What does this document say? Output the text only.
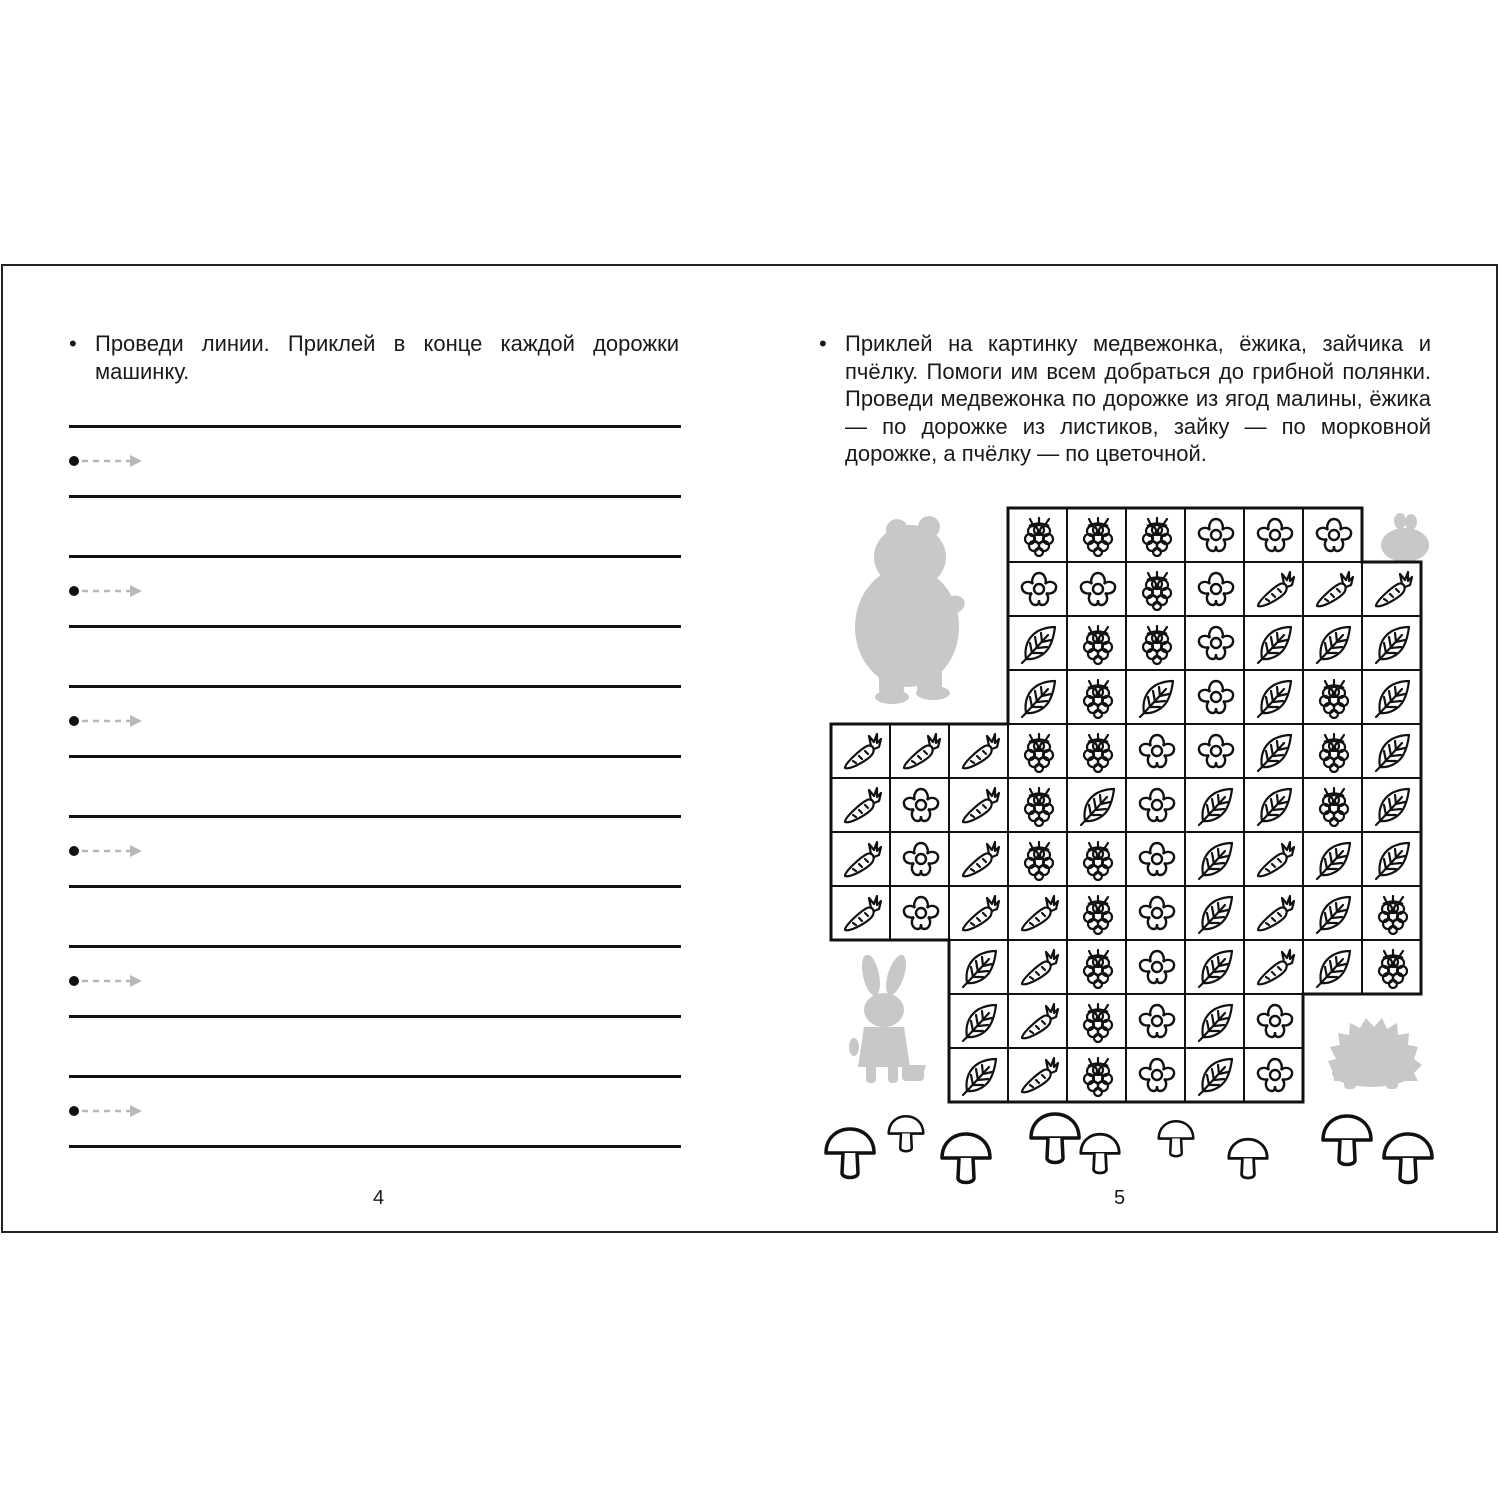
• Проведи линии. Приклей в конце каждой дорожки машинку.

4

• Приклей на картинку медвежонка, ёжика, зайчика и пчёлку. Помоги им всем добраться до грибной полянки. Проведи медвежонка по дорожке из ягод малины, ёжика — по дорожке из листиков, зайку — по морковной дорожке, а пчёлку — по цветочной.

5
